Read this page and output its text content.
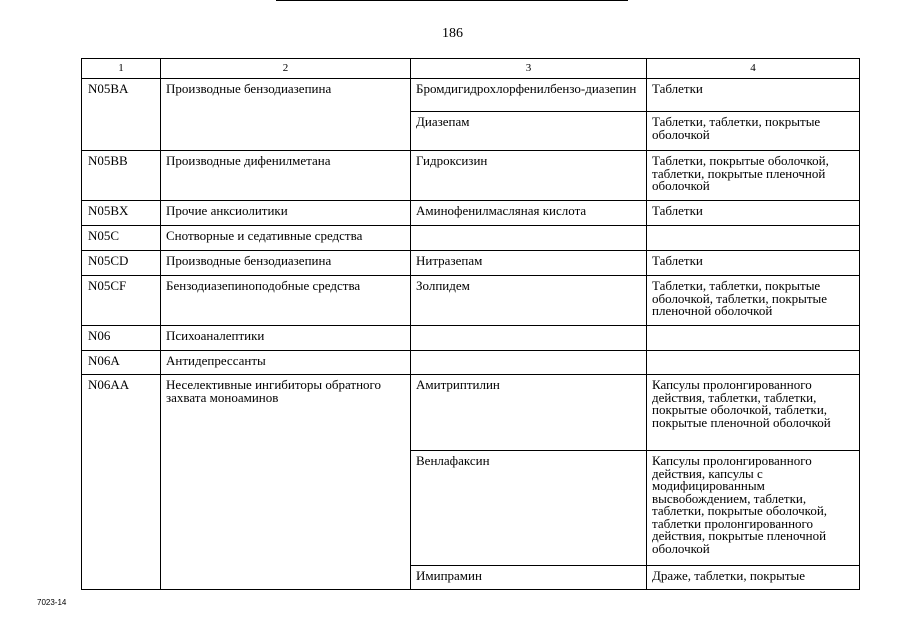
186
1	2	3	4
N05BA	Производные бензодиазепина	Бромдигидрохлорфенилбензо-диазепин	Таблетки
		Диазепам	Таблетки, таблетки, покрытые оболочкой
N05BB	Производные дифенилметана	Гидроксизин	Таблетки, покрытые оболочкой, таблетки, покрытые пленочной оболочкой
N05BX	Прочие анксиолитики	Аминофенилмасляная кислота	Таблетки
N05C	Снотворные и седативные средства		
N05CD	Производные бензодиазепина	Нитразепам	Таблетки
N05CF	Бензодиазепиноподобные средства	Золпидем	Таблетки, таблетки, покрытые оболочкой, таблетки, покрытые пленочной оболочкой
N06	Психоаналептики		
N06A	Антидепрессанты		
N06AA	Неселективные ингибиторы обратного захвата моноаминов	Амитриптилин	Капсулы пролонгированного действия, таблетки, таблетки, покрытые оболочкой, таблетки, покрытые пленочной оболочкой
		Венлафаксин	Капсулы пролонгированного действия, капсулы с модифицированным высвобождением, таблетки, таблетки, покрытые оболочкой, таблетки пролонгированного действия, покрытые пленочной оболочкой
		Имипрамин	Драже, таблетки, покрытые
7023-14
